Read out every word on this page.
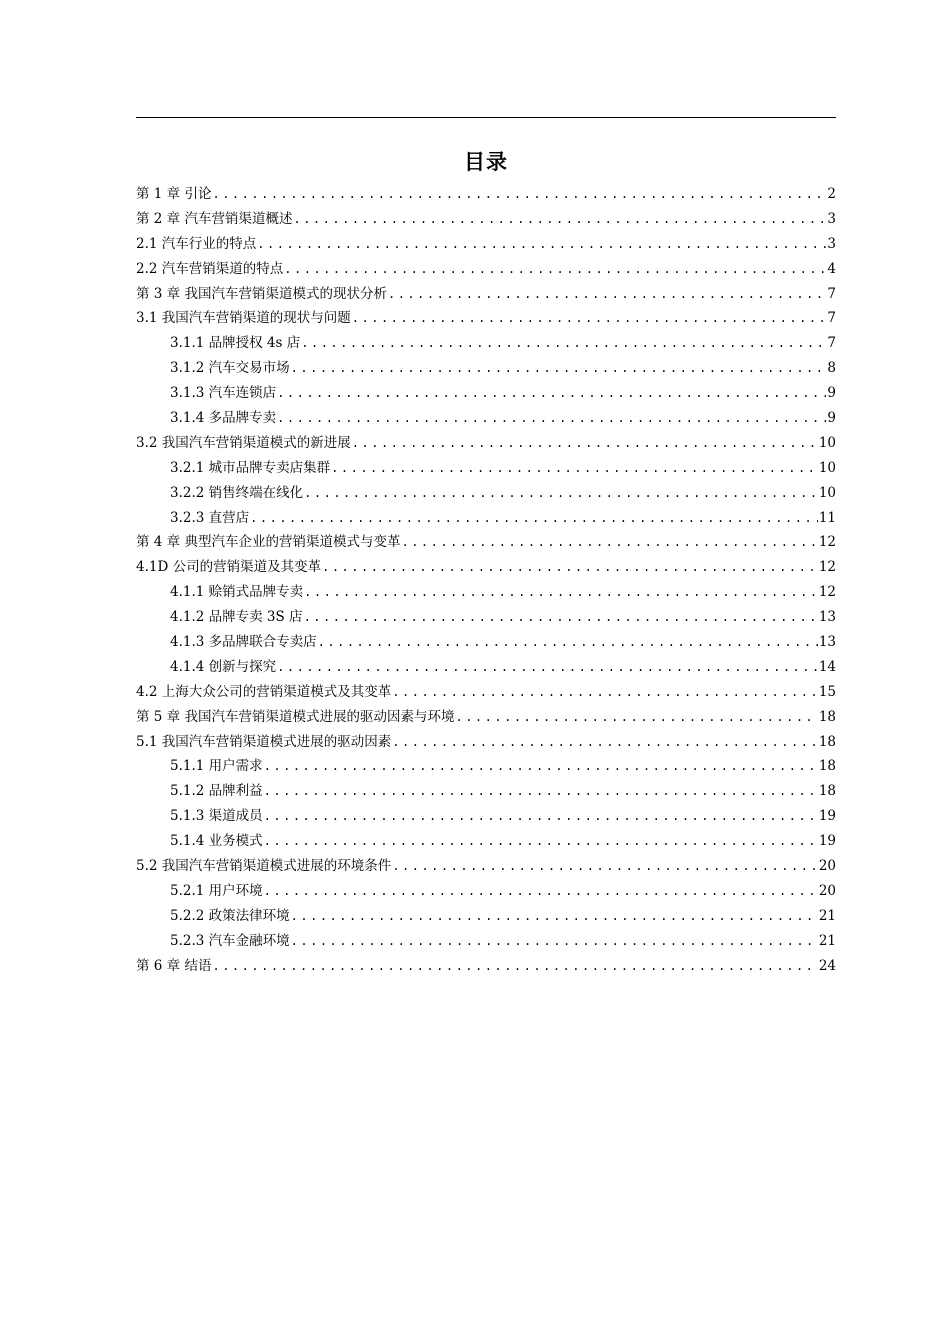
目录
第 1 章 引论 .....	2
第 2 章 汽车营销渠道概述 .....	3
2.1 汽车行业的特点 .....	3
2.2 汽车营销渠道的特点 .....	4
第 3 章 我国汽车营销渠道模式的现状分析 .....	7
3.1 我国汽车营销渠道的现状与问题 .....	7
3.1.1 品牌授权 4s 店 .....	7
3.1.2 汽车交易市场 .....	8
3.1.3 汽车连锁店 .....	9
3.1.4 多品牌专卖 .....	9
3.2 我国汽车营销渠道模式的新进展 .....	10
3.2.1 城市品牌专卖店集群 .....	10
3.2.2 销售终端在线化 .....	10
3.2.3 直营店 .....	11
第 4 章 典型汽车企业的营销渠道模式与变革 .....	12
4.1D 公司的营销渠道及其变革 .....	12
4.1.1 赊销式品牌专卖 .....	12
4.1.2 品牌专卖 3S 店 .....	13
4.1.3 多品牌联合专卖店 .....	13
4.1.4 创新与探究 .....	14
4.2 上海大众公司的营销渠道模式及其变革 .....	15
第 5 章 我国汽车营销渠道模式进展的驱动因素与环境 .....	18
5.1 我国汽车营销渠道模式进展的驱动因素 .....	18
5.1.1 用户需求 .....	18
5.1.2 品牌利益 .....	18
5.1.3 渠道成员 .....	19
5.1.4 业务模式 .....	19
5.2 我国汽车营销渠道模式进展的环境条件 .....	20
5.2.1 用户环境 .....	20
5.2.2 政策法律环境 .....	21
5.2.3 汽车金融环境 .....	21
第 6 章 结语 .....	24
